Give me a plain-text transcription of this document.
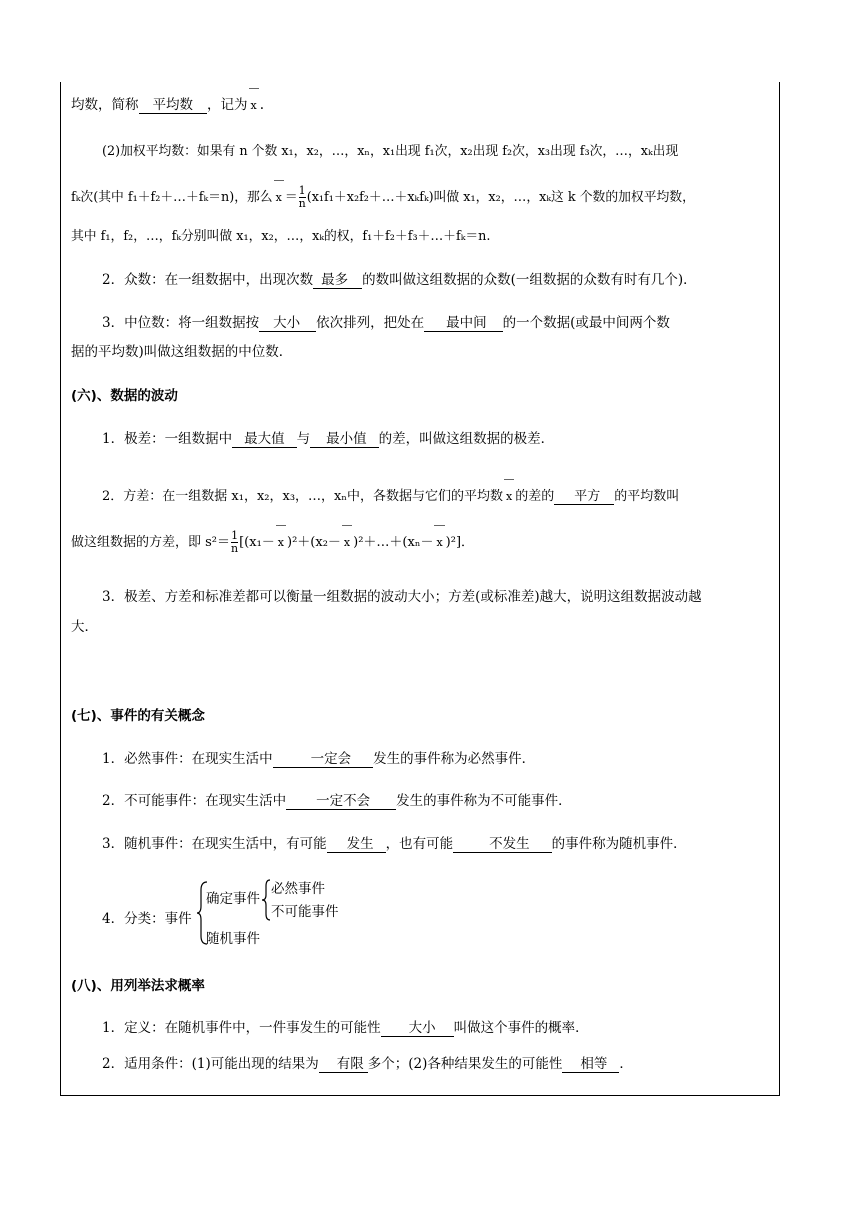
均数，简称 平均数 ，记为 x .
(2)加权平均数：如果有 n 个数 x₁，x₂，…，xₙ，x₁出现 f₁次，x₂出现 f₂次，x₃出现 f₃次，…，xₖ出现
fₖ次(其中 f₁＋f₂＋…＋fₖ＝n)，那么 $x = \frac{1}{n}$ (x₁f₁＋x₂f₂＋…＋xₖfₖ)叫做 x₁，x₂，…，xₖ这 k 个数的加权平均数，
其中 f₁，f₂，…，fₖ分别叫做 x₁，x₂，…，xₖ的权，f₁＋f₂＋f₃＋…＋fₖ＝n.
2．众数：在一组数据中，出现次数 最多 的数叫做这组数据的众数(一组数据的众数有时有几个)．
3．中位数：将一组数据按 大小 依次排列，把处在 最中间 的一个数据(或最中间两个数
据的平均数)叫做这组数据的中位数．
(六)、数据的波动
1．极差：一组数据中 最大值 与 最小值 的差，叫做这组数据的极差．
2．方差：在一组数据 x₁，x₂，x₃，…，xₙ中，各数据与它们的平均数 x 的差的 平方 的平均数叫
做这组数据的方差，即 $s^2= \frac{1}{n} [(x_1- x$ )²＋(x₂－ x )²＋…＋(xₙ－ x )²]．
3．极差、方差和标准差都可以衡量一组数据的波动大小；方差(或标准差)越大，说明这组数据波动越
大．
(七)、事件的有关概念
1．必然事件：在现实生活中	一定会 发生的事件称为必然事件．
2．不可能事件：在现实生活中 一定不会 发生的事件称为不可能事件．
3．随机事件：在现实生活中，有可能 发生 ，也有可能	不发生 的事件称为随机事件．
4．分类：事件
确定事件
必然事件
不可能事件
随机事件
(八)、用列举法求概率
1．定义：在随机事件中，一件事发生的可能性 大小 叫做这个事件的概率．
2．适用条件：(1)可能出现的结果为 有限 多个；(2)各种结果发生的可能性 相等 ．
